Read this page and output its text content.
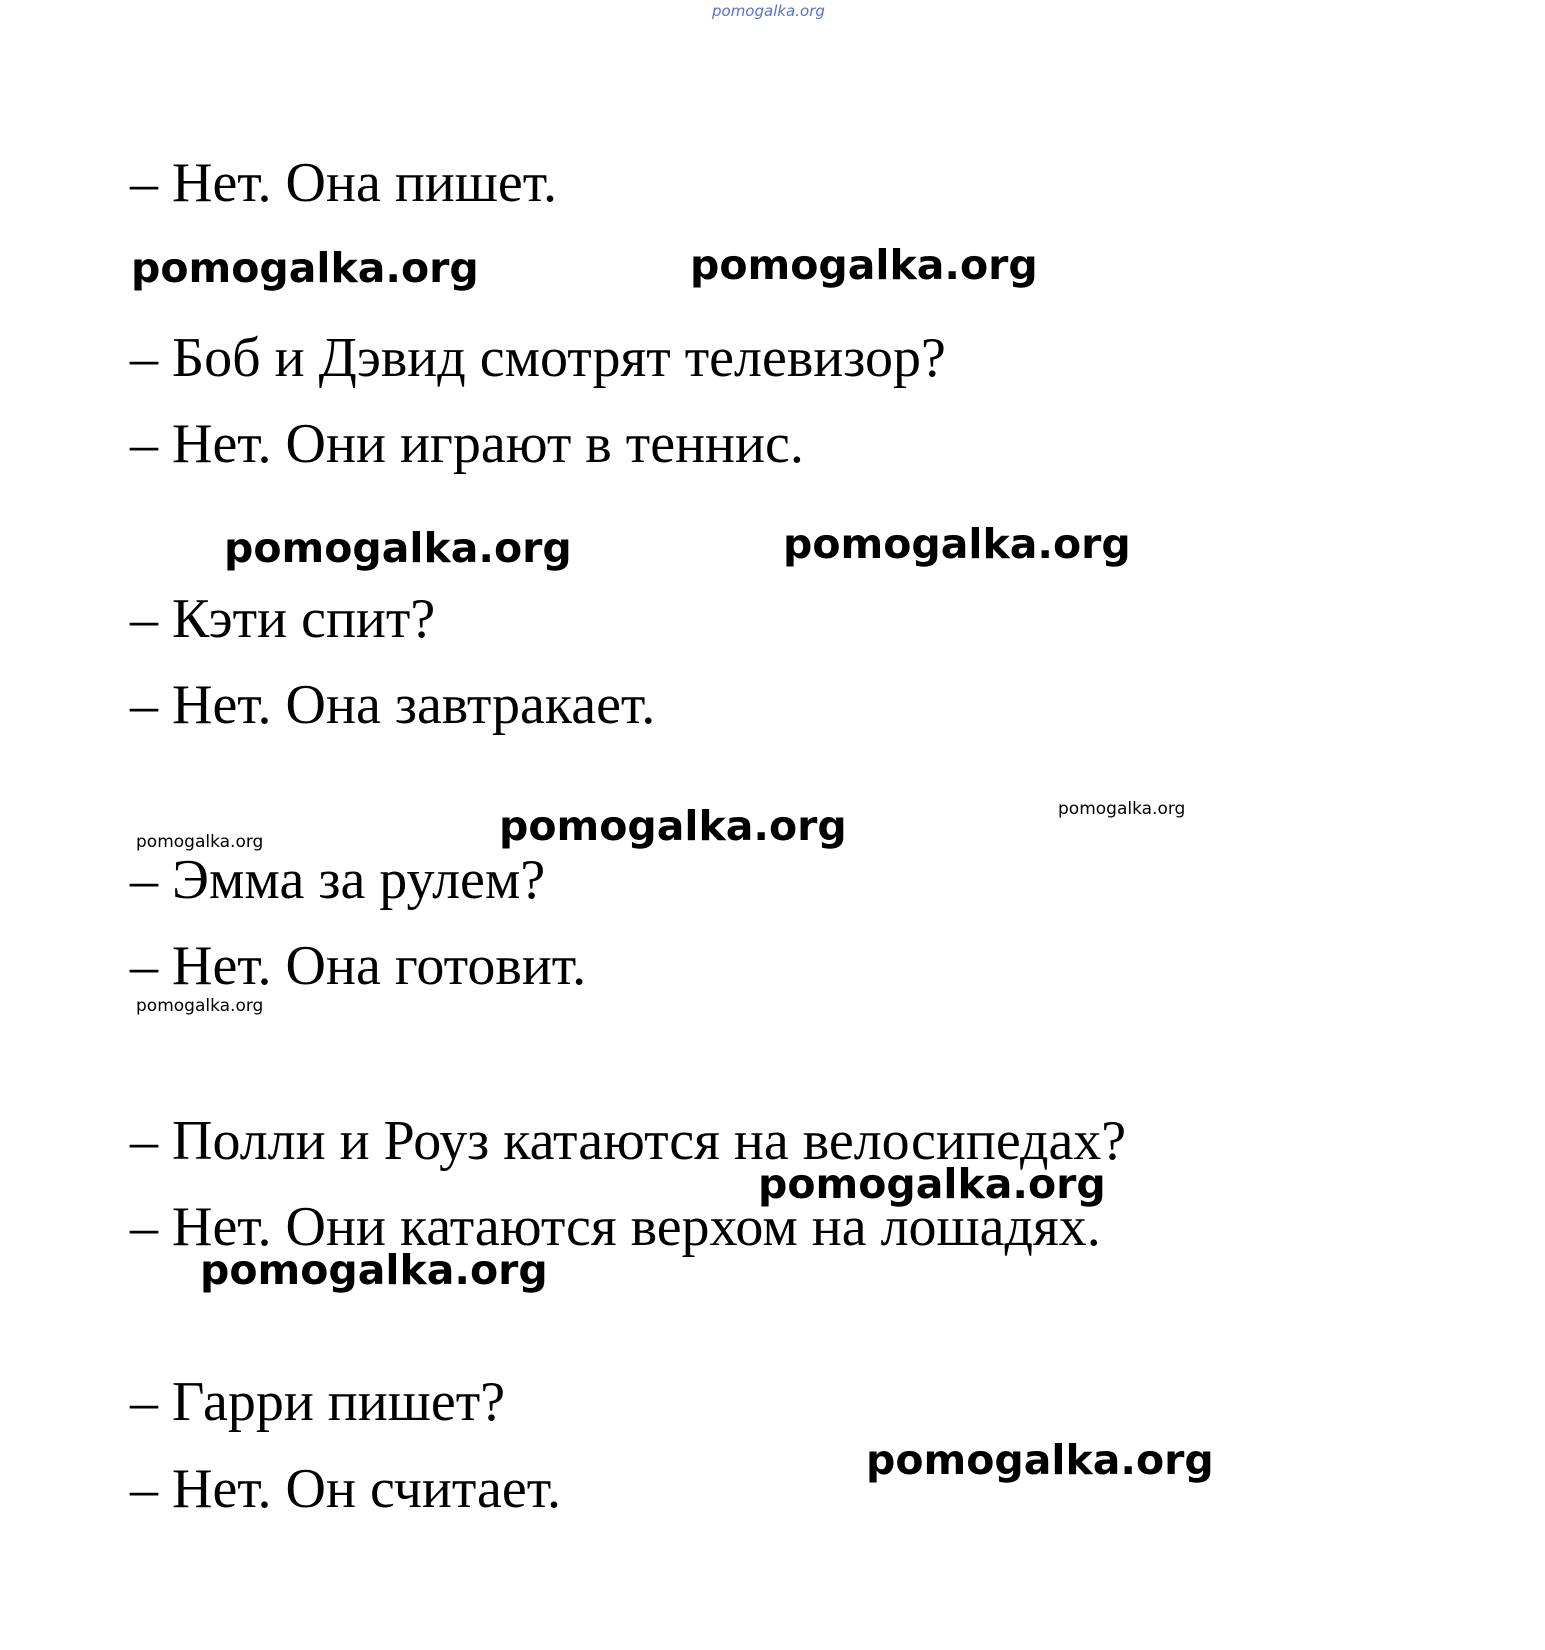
pomogalka.org
– Нет. Она пишет.
pomogalka.org	pomogalka.org
– Боб и Дэвид смотрят телевизор?
– Нет. Они играют в теннис.
pomogalka.org	pomogalka.org
– Кэти спит?
– Нет. Она завтракает.
pomogalka.org	pomogalka.org
pomogalka.org
– Эмма за рулем?
– Нет. Она готовит.
pomogalka.org
– Полли и Роуз катаются на велосипедах?
pomogalka.org
– Нет. Они катаются верхом на лошадях.
pomogalka.org
– Гарри пишет?
pomogalka.org
– Нет. Он считает.
